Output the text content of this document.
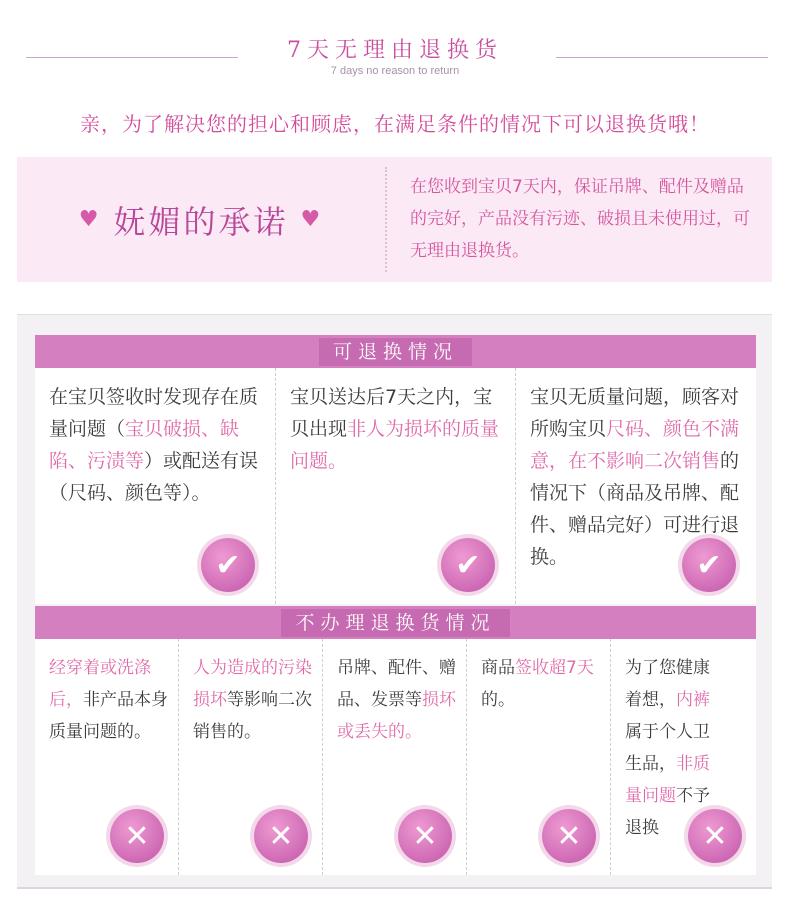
7天无理由退换货
7 days no reason to return
亲，为了解决您的担心和顾虑，在满足条件的情况下可以退换货哦！
♥ 妩媚的承诺 ♥
在您收到宝贝7天内，保证吊牌、配件及赠品的完好，产品没有污迹、破损且未使用过，可无理由退换货。
可退换情况
在宝贝签收时发现存在质量问题（宝贝破损、缺陷、污渍等）或配送有误（尺码、颜色等）。
✔
宝贝送达后7天之内，宝贝出现非人为损坏的质量问题。
✔
宝贝无质量问题，顾客对所购宝贝尺码、颜色不满意，在不影响二次销售的情况下（商品及吊牌、配件、赠品完好）可进行退换。	✔
不办理退换货情况
经穿着或洗涤后，非产品本身质量问题的。
✕
人为造成的污染损坏等影响二次销售的。
✕
吊牌、配件、赠品、发票等损坏或丢失的。
✕
商品签收超7天的。
✕
为了您健康着想，内裤属于个人卫生品，非质量问题不予退换	✕
